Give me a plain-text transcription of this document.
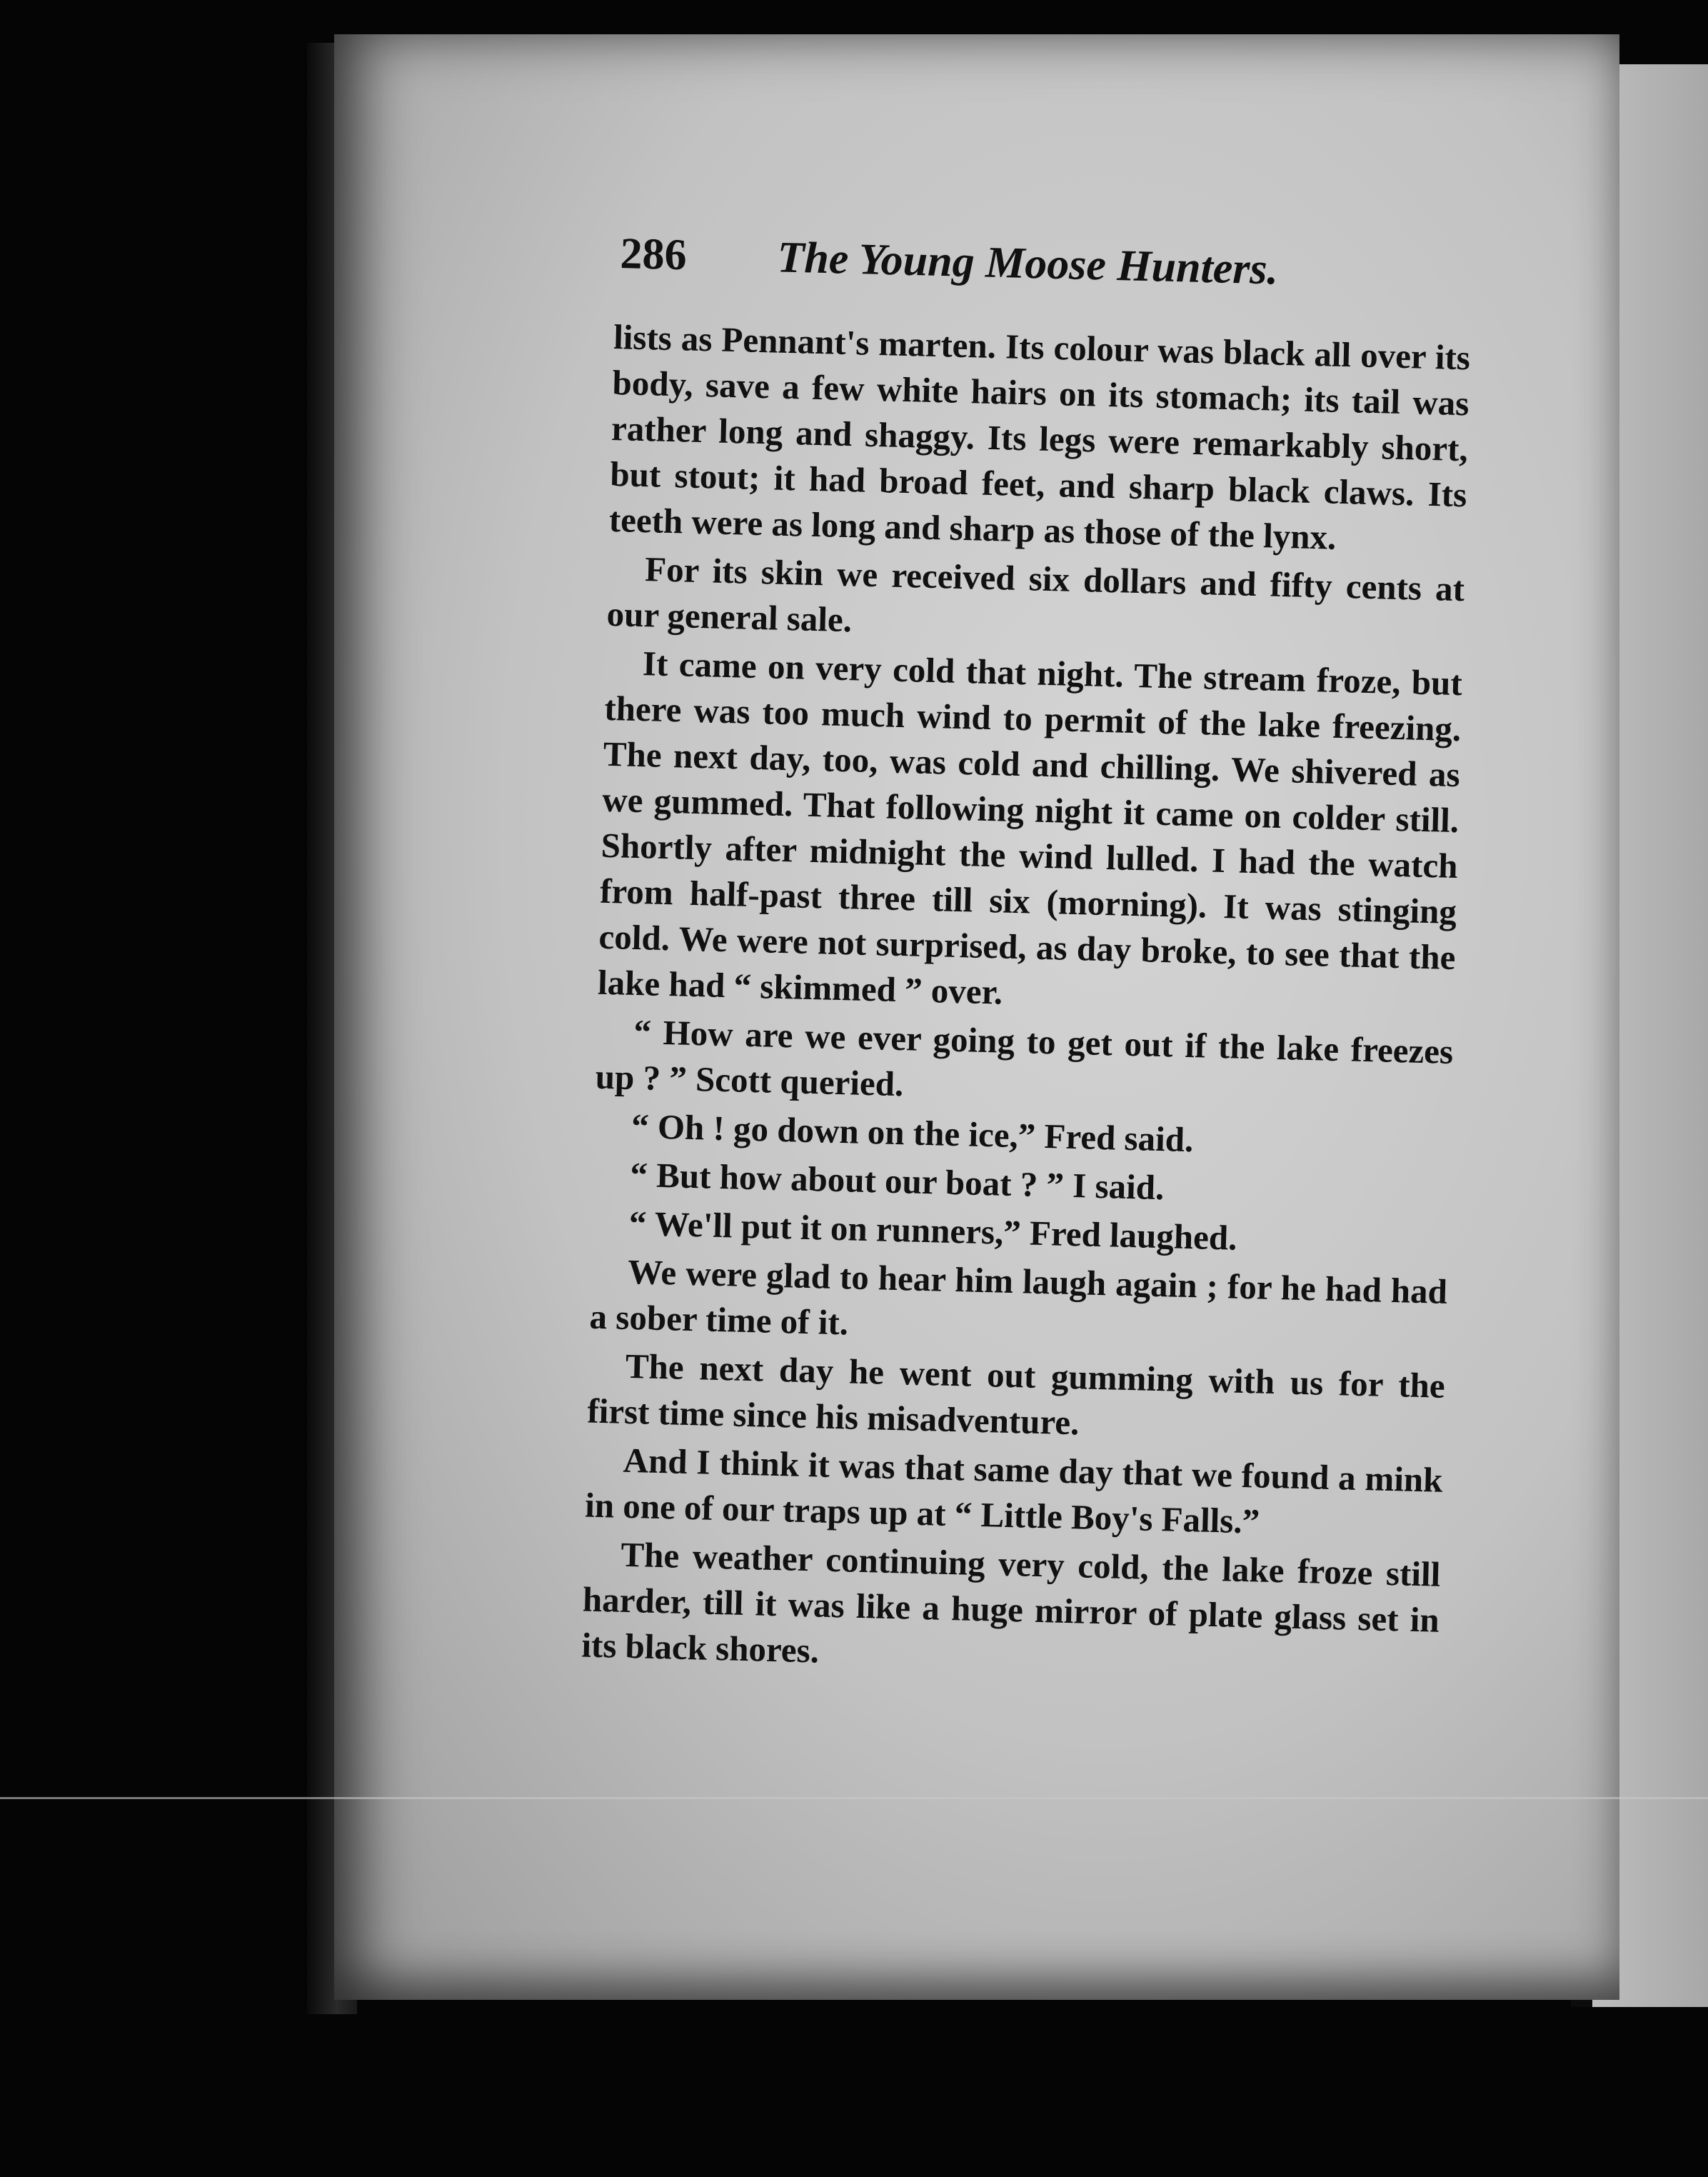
286 The Young Moose Hunters.

lists as Pennant's marten. Its colour was black all over its body, save a few white hairs on its stomach; its tail was rather long and shaggy. Its legs were remarkably short, but stout; it had broad feet, and sharp black claws. Its teeth were as long and sharp as those of the lynx.

For its skin we received six dollars and fifty cents at our general sale.

It came on very cold that night. The stream froze, but there was too much wind to permit of the lake freezing. The next day, too, was cold and chilling. We shivered as we gummed. That following night it came on colder still. Shortly after midnight the wind lulled. I had the watch from half-past three till six (morning). It was stinging cold. We were not surprised, as day broke, to see that the lake had “ skimmed ” over.

“ How are we ever going to get out if the lake freezes up ? ” Scott queried.

“ Oh ! go down on the ice,” Fred said.

“ But how about our boat ? ” I said.

“ We'll put it on runners,” Fred laughed.

We were glad to hear him laugh again ; for he had had a sober time of it.

The next day he went out gumming with us for the first time since his misadventure.

And I think it was that same day that we found a mink in one of our traps up at “ Little Boy's Falls.”

The weather continuing very cold, the lake froze still harder, till it was like a huge mirror of plate glass set in its black shores.
